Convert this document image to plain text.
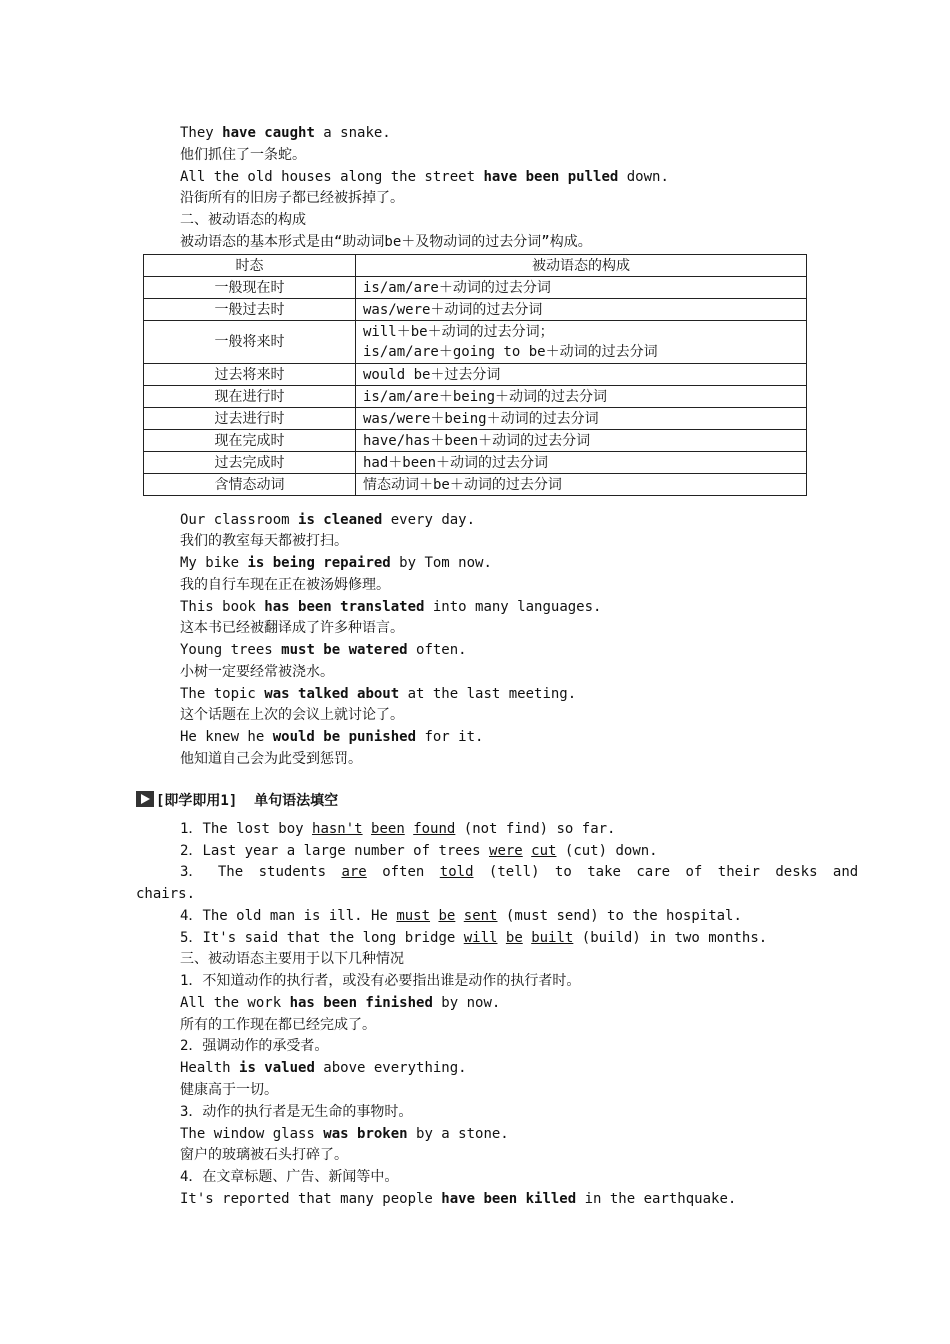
They have caught a snake.
他们抓住了一条蛇。
All the old houses along the street have been pulled down.
沿街所有的旧房子都已经被拆掉了。
二、被动语态的构成
被动语态的基本形式是由“助动词be＋及物动词的过去分词”构成。
时态	被动语态的构成
一般现在时	is/am/are＋动词的过去分词
一般过去时	was/were＋动词的过去分词
一般将来时	will＋be＋动词的过去分词；
is/am/are＋going to be＋动词的过去分词

过去将来时	would be＋过去分词
现在进行时	is/am/are＋being＋动词的过去分词
过去进行时	was/were＋being＋动词的过去分词
现在完成时	have/has＋been＋动词的过去分词
过去完成时	had＋been＋动词的过去分词
含情态动词	情态动词＋be＋动词的过去分词
Our classroom is cleaned every day.
我们的教室每天都被打扫。
My bike is being repaired by Tom now.
我的自行车现在正在被汤姆修理。
This book has been translated into many languages.
这本书已经被翻译成了许多种语言。
Young trees must be watered often.
小树一定要经常被浇水。
The topic was talked about at the last meeting.
这个话题在上次的会议上就讨论了。
He knew he would be punished for it.
他知道自己会为此受到惩罚。
[即学即用1] 单句语法填空
1．The lost boy hasn't been found (not find) so far.
2．Last year a large number of trees were cut (cut) down.
3． The students are often told (tell) to take care of their desks and
chairs.
4．The old man is ill. He must be sent (must send) to the hospital.
5．It's said that the long bridge will be built (build) in two months.
三、被动语态主要用于以下几种情况
1．不知道动作的执行者，或没有必要指出谁是动作的执行者时。
All the work has been finished by now.
所有的工作现在都已经完成了。
2．强调动作的承受者。
Health is valued above everything.
健康高于一切。
3．动作的执行者是无生命的事物时。
The window glass was broken by a stone.
窗户的玻璃被石头打碎了。
4．在文章标题、广告、新闻等中。
It's reported that many people have been killed in the earthquake.
